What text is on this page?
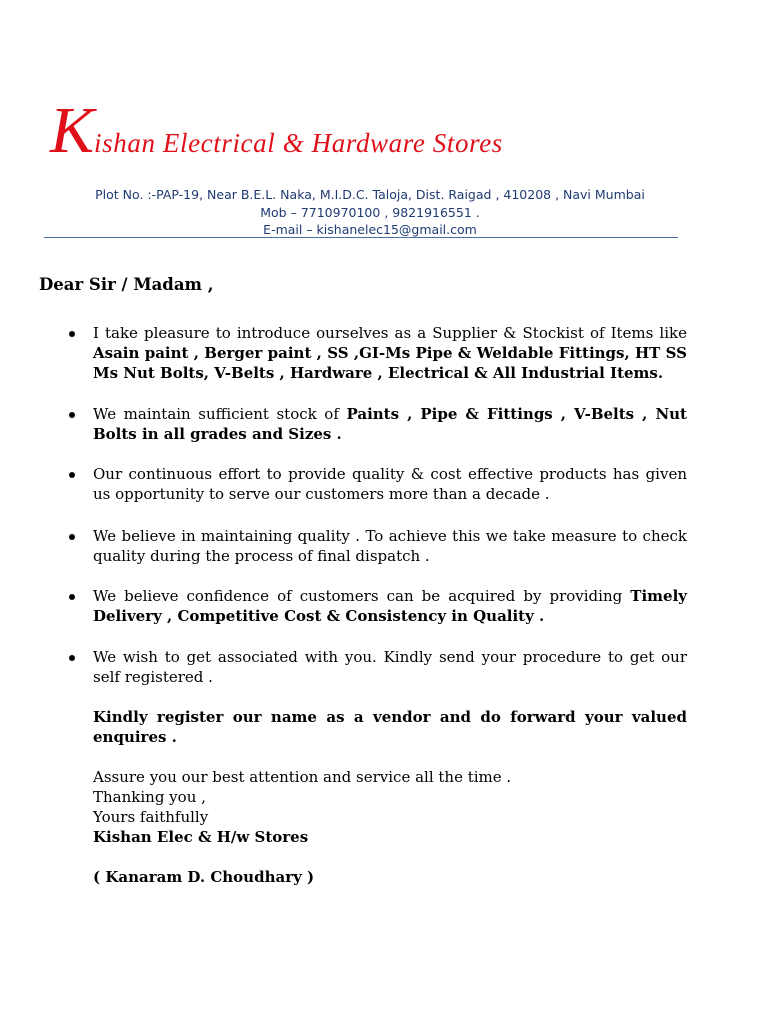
Kishan Electrical & Hardware Stores
Plot No. :-PAP-19, Near B.E.L. Naka, M.I.D.C. Taloja, Dist. Raigad , 410208 , Navi Mumbai
Mob – 7710970100 , 9821916551 .
E-mail – kishanelec15@gmail.com
Dear Sir / Madam ,
I take pleasure to introduce ourselves as a Supplier & Stockist of Items like Asain paint , Berger paint , SS ,GI-Ms Pipe & Weldable Fittings, HT SS Ms Nut Bolts, V-Belts , Hardware , Electrical & All Industrial Items.
We maintain sufficient stock of Paints , Pipe & Fittings , V-Belts , Nut Bolts in all grades and Sizes .
Our continuous effort to provide quality & cost effective products has given us opportunity to serve our customers more than a decade .
We believe in maintaining quality . To achieve this we take measure to check quality during the process of final dispatch .
We believe confidence of customers can be acquired by providing Timely Delivery , Competitive Cost & Consistency in Quality .
We wish to get associated with you. Kindly send your procedure to get our self registered .
Kindly register our name as a vendor and do forward your valued enquires .
Assure you our best attention and service all the time .
Thanking you ,
Yours faithfully
Kishan Elec & H/w Stores
( Kanaram D. Choudhary )
